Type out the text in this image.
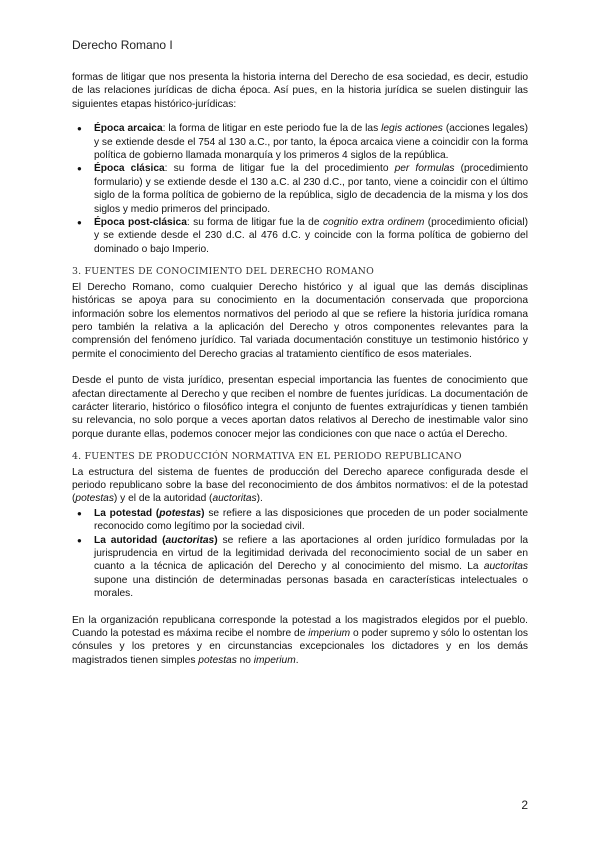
Derecho Romano I

formas de litigar que nos presenta la historia interna del Derecho de esa sociedad, es decir, estudio de las relaciones jurídicas de dicha época. Así pues, en la historia jurídica se suelen distinguir las siguientes etapas histórico-jurídicas:

● Época arcaica: la forma de litigar en este periodo fue la de las legis actiones (acciones legales) y se extiende desde el 754 al 130 a.C., por tanto, la época arcaica viene a coincidir con la forma política de gobierno llamada monarquía y los primeros 4 siglos de la república.
● Época clásica: su forma de litigar fue la del procedimiento per formulas (procedimiento formulario) y se extiende desde el 130 a.C. al 230 d.C., por tanto, viene a coincidir con el último siglo de la forma política de gobierno de la república, siglo de decadencia de la misma y los dos siglos y medio primeros del principado.
● Época post-clásica: su forma de litigar fue la de cognitio extra ordinem (procedimiento oficial) y se extiende desde el 230 d.C. al 476 d.C. y coincide con la forma política de gobierno del dominado o bajo Imperio.
3. FUENTES DE CONOCIMIENTO DEL DERECHO ROMANO

El Derecho Romano, como cualquier Derecho histórico y al igual que las demás disciplinas históricas se apoya para su conocimiento en la documentación conservada que proporciona información sobre los elementos normativos del periodo al que se refiere la historia jurídica romana pero también la relativa a la aplicación del Derecho y otros componentes relevantes para la comprensión del fenómeno jurídico. Tal variada documentación constituye un testimonio histórico y permite el conocimiento del Derecho gracias al tratamiento científico de esos materiales.

Desde el punto de vista jurídico, presentan especial importancia las fuentes de conocimiento que afectan directamente al Derecho y que reciben el nombre de fuentes jurídicas. La documentación de carácter literario, histórico o filosófico integra el conjunto de fuentes extrajurídicas y tienen también su relevancia, no solo porque a veces aportan datos relativos al Derecho de inestimable valor sino porque durante ellas, podemos conocer mejor las condiciones con que nace o actúa el Derecho.

4. FUENTES DE PRODUCCIÓN NORMATIVA EN EL PERIODO REPUBLICANO

La estructura del sistema de fuentes de producción del Derecho aparece configurada desde el periodo republicano sobre la base del reconocimiento de dos ámbitos normativos: el de la potestad (potestas) y el de la autoridad (auctoritas).

● La potestad (potestas) se refiere a las disposiciones que proceden de un poder socialmente reconocido como legítimo por la sociedad civil.
● La autoridad (auctoritas) se refiere a las aportaciones al orden jurídico formuladas por la jurisprudencia en virtud de la legitimidad derivada del reconocimiento social de un saber en cuanto a la técnica de aplicación del Derecho y al conocimiento del mismo. La auctoritas supone una distinción de determinadas personas basada en características intelectuales o morales.

En la organización republicana corresponde la potestad a los magistrados elegidos por el pueblo. Cuando la potestad es máxima recibe el nombre de imperium o poder supremo y sólo lo ostentan los cónsules y los pretores y en circunstancias excepcionales los dictadores y en los demás magistrados tienen simples potestas no imperium.

2
